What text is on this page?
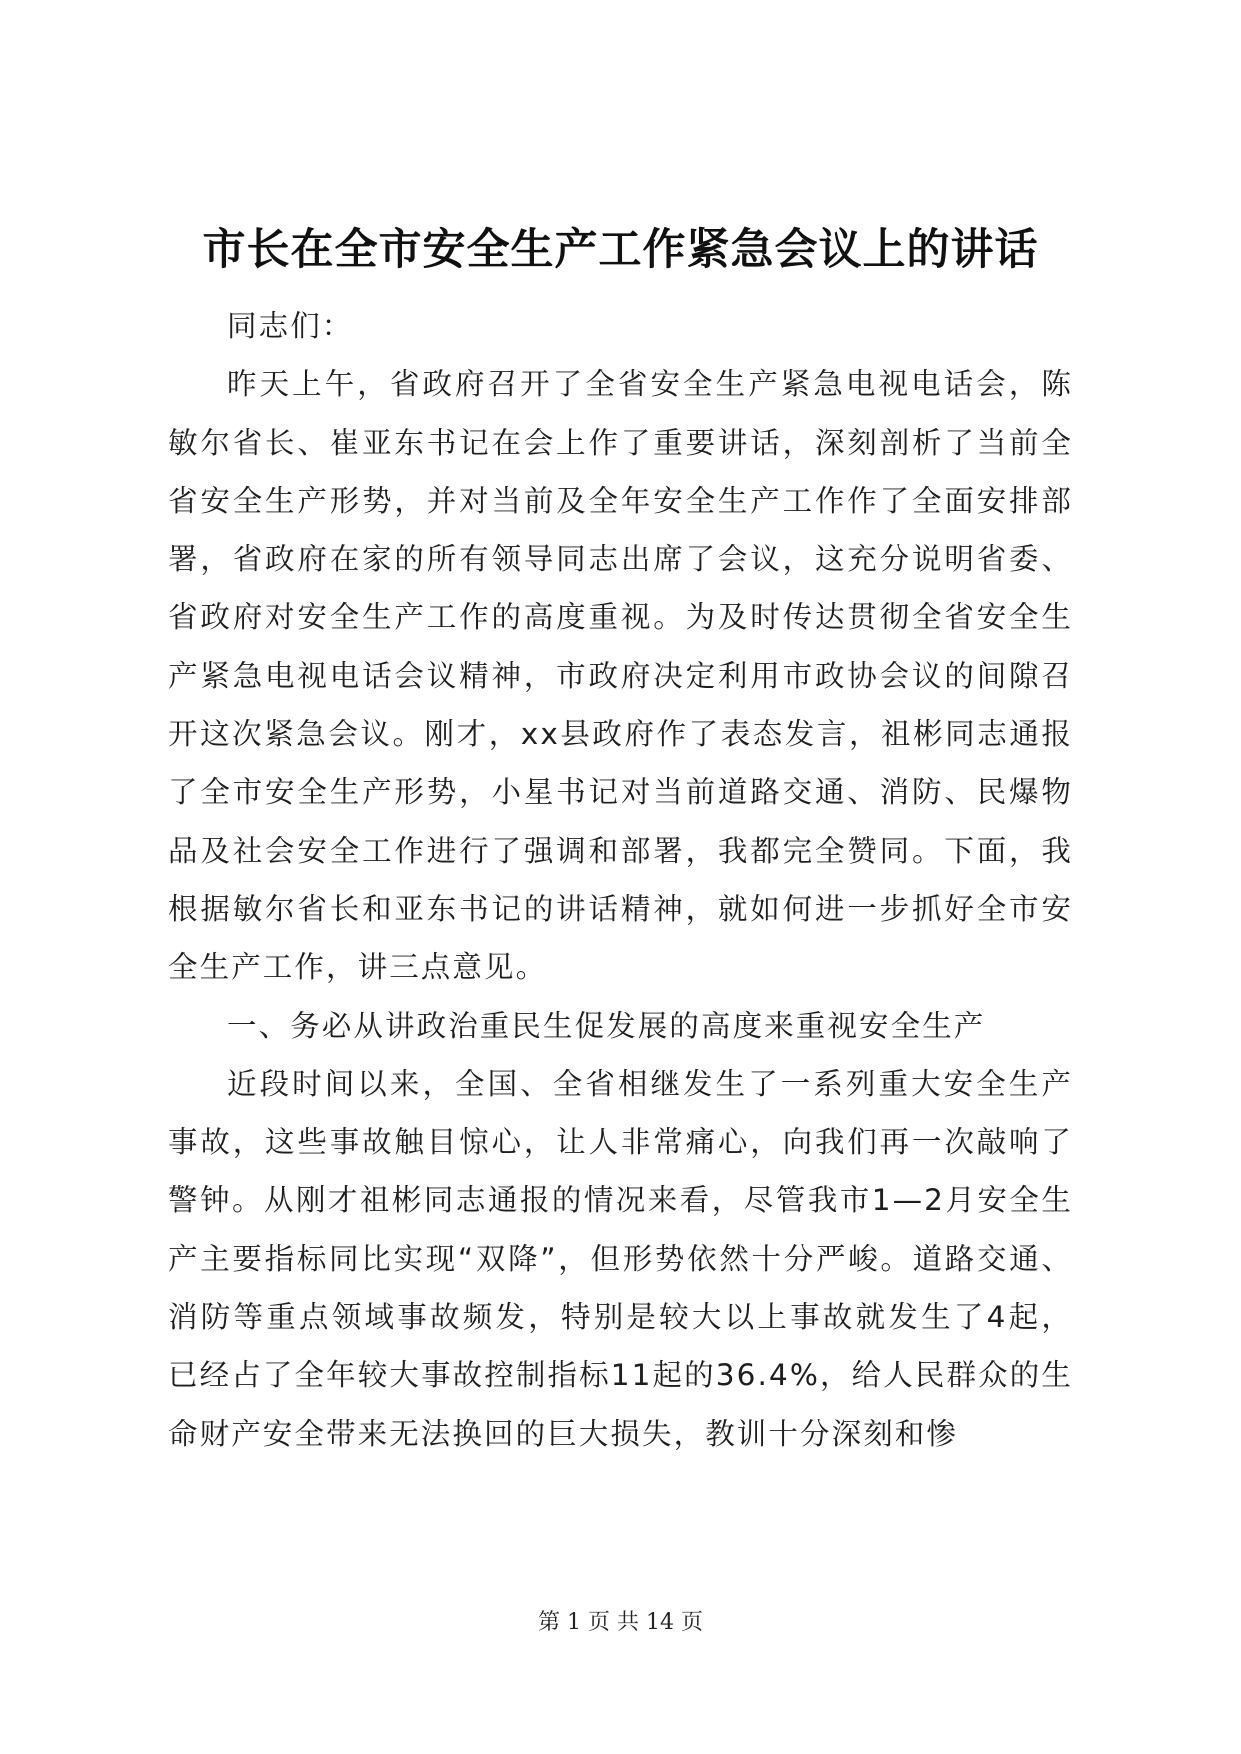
市长在全市安全生产工作紧急会议上的讲话

同志们：

昨天上午，省政府召开了全省安全生产紧急电视电话会，陈敏尔省长、崔亚东书记在会上作了重要讲话，深刻剖析了当前全省安全生产形势，并对当前及全年安全生产工作作了全面安排部署，省政府在家的所有领导同志出席了会议，这充分说明省委、省政府对安全生产工作的高度重视。为及时传达贯彻全省安全生产紧急电视电话会议精神，市政府决定利用市政协会议的间隙召开这次紧急会议。刚才，xx县政府作了表态发言，祖彬同志通报了全市安全生产形势，小星书记对当前道路交通、消防、民爆物品及社会安全工作进行了强调和部署，我都完全赞同。下面，我根据敏尔省长和亚东书记的讲话精神，就如何进一步抓好全市安全生产工作，讲三点意见。

一、务必从讲政治重民生促发展的高度来重视安全生产

近段时间以来，全国、全省相继发生了一系列重大安全生产事故，这些事故触目惊心，让人非常痛心，向我们再一次敲响了警钟。从刚才祖彬同志通报的情况来看，尽管我市1—2月安全生产主要指标同比实现“双降”，但形势依然十分严峻。道路交通、消防等重点领域事故频发，特别是较大以上事故就发生了4起，已经占了全年较大事故控制指标11起的36.4%，给人民群众的生命财产安全带来无法换回的巨大损失，教训十分深刻和惨

第 1 页 共 14 页
